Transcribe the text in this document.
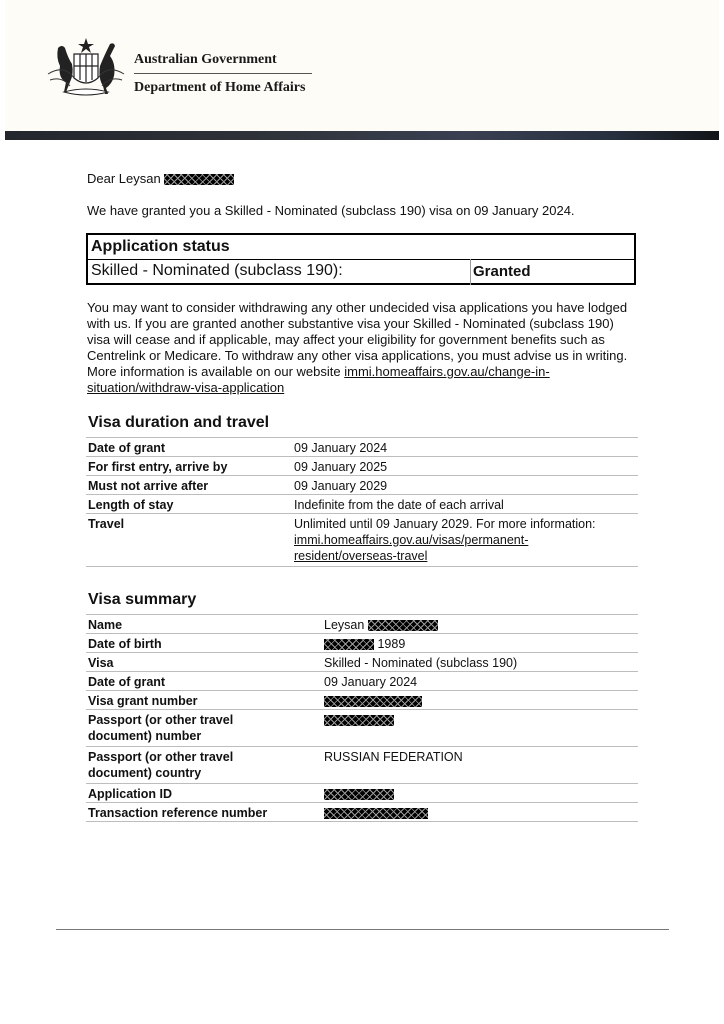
Australian Government
Department of Home Affairs
Dear Leysan
We have granted you a Skilled - Nominated (subclass 190) visa on 09 January 2024.
Application status
Skilled - Nominated (subclass 190):	Granted
You may want to consider withdrawing any other undecided visa applications you have lodged with us. If you are granted another substantive visa your Skilled - Nominated (subclass 190) visa will cease and if applicable, may affect your eligibility for government benefits such as Centrelink or Medicare. To withdraw any other visa applications, you must advise us in writing. More information is available on our website immi.homeaffairs.gov.au/change-in-situation/withdraw-visa-application
Visa duration and travel
Date of grant	09 January 2024
For first entry, arrive by	09 January 2025
Must not arrive after	09 January 2029
Length of stay	Indefinite from the date of each arrival
Travel	Unlimited until 09 January 2029. For more information:
immi.homeaffairs.gov.au/visas/permanent-resident/overseas-travel
Visa summary
Name	Leysan
Date of birth	1989
Visa	Skilled - Nominated (subclass 190)
Date of grant	09 January 2024
Visa grant number	
Passport (or other travel document) number	
Passport (or other travel document) country	RUSSIAN FEDERATION
Application ID	
Transaction reference number	
